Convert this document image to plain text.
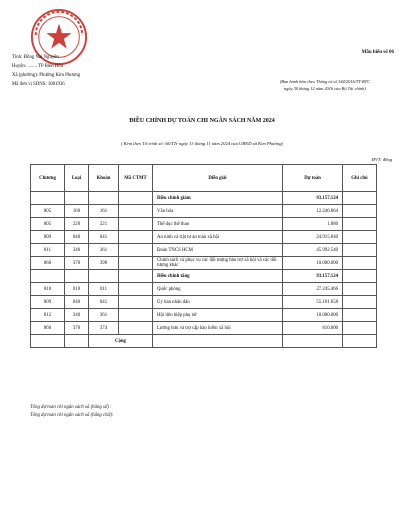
Tỉnh: Đồng Nai Nguyên
Huyện: ........ TP Biên Hòa
Xã (phường): Phường Kim Phượng
Mã đơn vị SDNS: 1081936
Mẫu biểu số 06
(Ban hành kèm theo Thông tư số 344/2016/TT-BTC
ngày 30 tháng 12 năm 2016 của Bộ Tài chính)
ĐIỀU CHỈNH DỰ TOÁN CHI NGÂN SÁCH NĂM 2024
( Kèm theo Tờ trình số: 66/TTr ngày 13 tháng 11 năm 2024 của UBND xã Kim Phượng)
ĐVT: đồng
Chương	Loại	Khoản	Mã CTMT	Diễn giải	Dự toán	Ghi chú
				Điều chỉnh giảm	93.157.124	
805	160	161		Văn hóa	12.246.864	
805	220	221		Thể dục thể thao	1.880	
809	040	041		An ninh và trật tự an toàn xã hội	24.915.840	
811	340	361		Đoàn TNCS HCM	45.992.540	
860	370	398		Chính sách và phục vụ các đối tượng bảo trợ xã hội và các đối tượng khác	10.000.000	
				Điều chỉnh tăng	93.157.124	
810	010	011		Quốc phòng	27.245.466	
809	040	041		Ủy ban nhân dân	55.101.658	
812	340	361		Hội liên hiệp phụ nữ	10.000.000	
860	370	374		Lương hưu và trợ cấp bảo hiểm xã hội	810.000	
		Cộng				
Tổng dự toán chi ngân sách xã (bằng số) :
Tổng dự toán chi ngân sách xã (bằng chữ):
